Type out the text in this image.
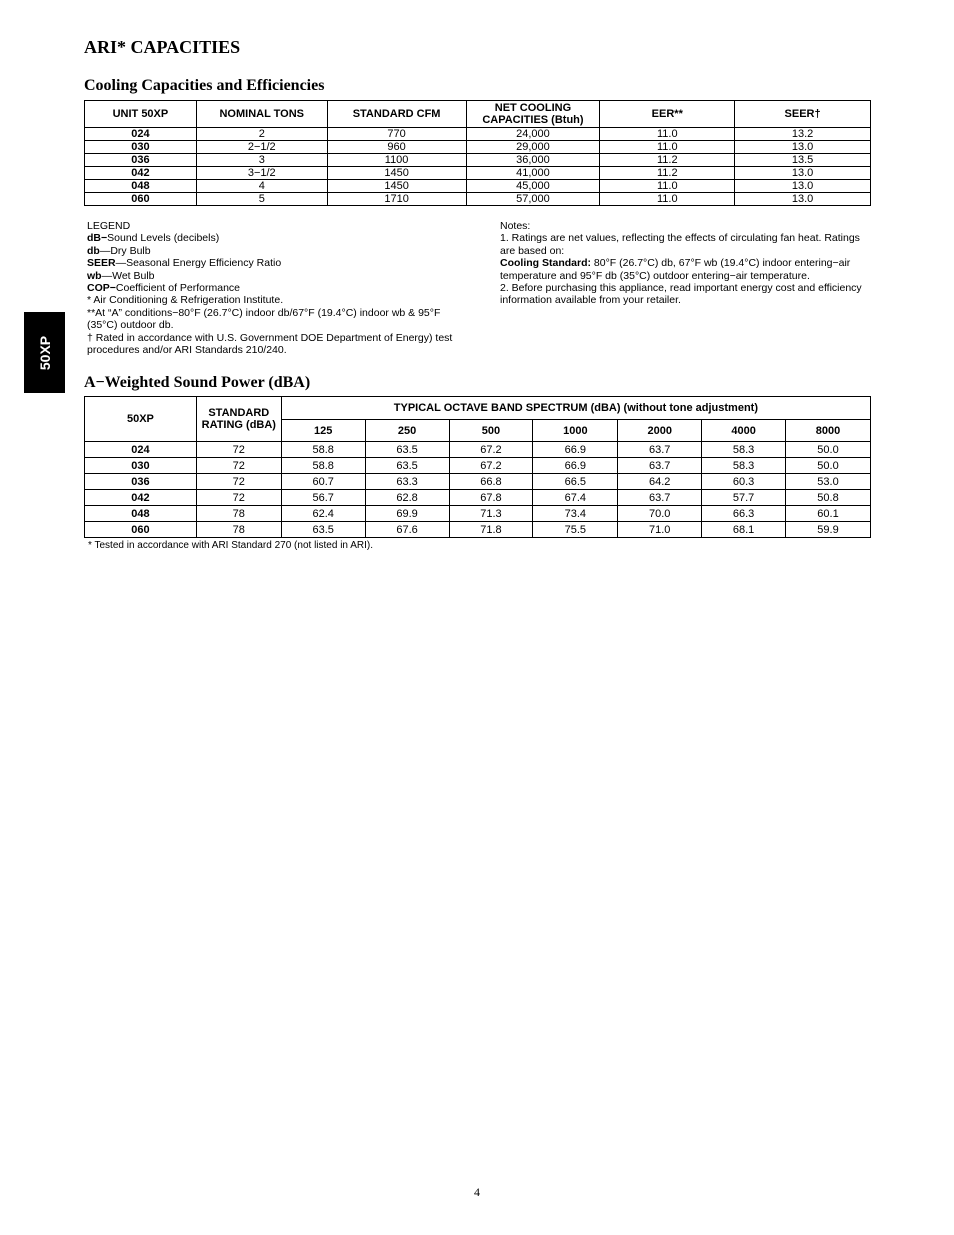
ARI* CAPACITIES
Cooling Capacities and Efficiencies
UNIT 50XP	NOMINAL TONS	STANDARD CFM	NET COOLING CAPACITIES (Btuh)	EER**	SEER†
024	2	770	24,000	11.0	13.2
030	2−1/2	960	29,000	11.0	13.0
036	3	1100	36,000	11.2	13.5
042	3−1/2	1450	41,000	11.2	13.0
048	4	1450	45,000	11.0	13.0
060	5	1710	57,000	11.0	13.0
LEGEND
dB−Sound Levels (decibels)
db—Dry Bulb
SEER—Seasonal Energy Efficiency Ratio
wb—Wet Bulb
COP−Coefficient of Performance
* Air Conditioning & Refrigeration Institute.
**At “A” conditions−80°F (26.7°C) indoor db/67°F (19.4°C) indoor wb & 95°F (35°C) outdoor db.
† Rated in accordance with U.S. Government DOE Department of Energy) test procedures and/or ARI Standards 210/240.
Notes:
1. Ratings are net values, reflecting the effects of circulating fan heat. Ratings are based on:
Cooling Standard: 80°F (26.7°C) db, 67°F wb (19.4°C) indoor entering−air temperature and 95°F db (35°C) outdoor entering−air temperature.
2. Before purchasing this appliance, read important energy cost and efficiency information available from your retailer.
50XP
A−Weighted Sound Power (dBA)
50XP	STANDARD RATING (dBA)	TYPICAL OCTAVE BAND SPECTRUM (dBA) (without tone adjustment)						
		125	250	500	1000	2000	4000	8000
024	72	58.8	63.5	67.2	66.9	63.7	58.3	50.0
030	72	58.8	63.5	67.2	66.9	63.7	58.3	50.0
036	72	60.7	63.3	66.8	66.5	64.2	60.3	53.0
042	72	56.7	62.8	67.8	67.4	63.7	57.7	50.8
048	78	62.4	69.9	71.3	73.4	70.0	66.3	60.1
060	78	63.5	67.6	71.8	75.5	71.0	68.1	59.9
* Tested in accordance with ARI Standard 270 (not listed in ARI).
4
